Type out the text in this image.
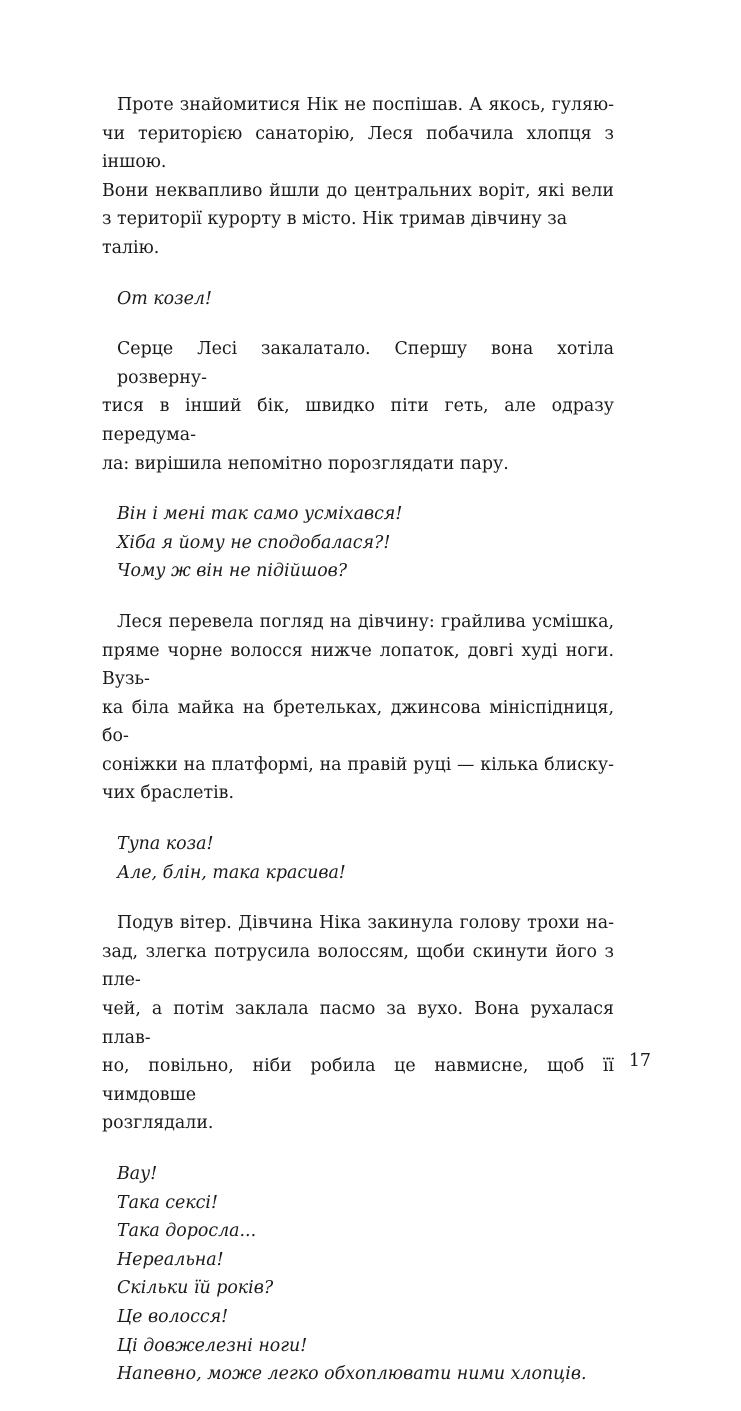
Проте знайомитися Нік не поспішав. А якось, гуляю-
чи територією санаторію, Леся побачила хлопця з іншою.
Вони неквапливо йшли до центральних воріт, які вели
з території курорту в місто. Нік тримав дівчину за талію.
От козел!
Серце Лесі закалатало. Спершу вона хотіла розверну-
тися в інший бік, швидко піти геть, але одразу передума-
ла: вирішила непомітно порозглядати пару.
Він і мені так само усміхався!
Хіба я йому не сподобалася?!
Чому ж він не підійшов?
Леся перевела погляд на дівчину: грайлива усмішка,
пряме чорне волосся нижче лопаток, довгі худі ноги. Вузь-
ка біла майка на бретельках, джинсова мініспідниця, бо-
соніжки на платформі, на правій руці — кілька блиску-
чих браслетів.
Тупа коза!
Але, блін, така красива!
Подув вітер. Дівчина Ніка закинула голову трохи на-
зад, злегка потрусила волоссям, щоби скинути його з пле-
чей, а потім заклала пасмо за вухо. Вона рухалася плав-
но, повільно, ніби робила це навмисне, щоб її чимдовше
розглядали.
Вау!
Така сексі!
Така доросла...
Нереальна!
Скільки їй років?
Це волосся!
Ці довжелезні ноги!
Напевно, може легко обхоплювати ними хлопців.
17
